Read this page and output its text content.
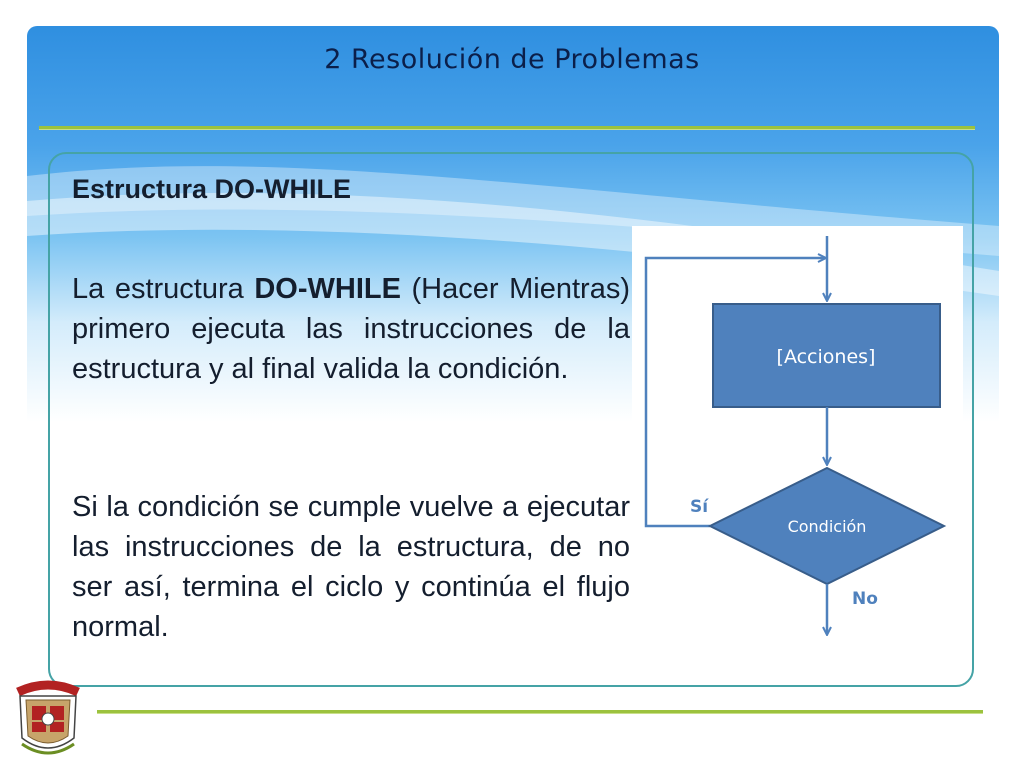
2 Resolución de Problemas
Estructura DO-WHILE

La estructura DO-WHILE (Hacer Mientras) primero ejecuta las instrucciones de la estructura y al final valida la condición.

Si la condición se cumple vuelve a ejecutar las instrucciones de la estructura, de no ser así, termina el ciclo y continúa el flujo normal.

[Acciones]
Condición
Sí
No
